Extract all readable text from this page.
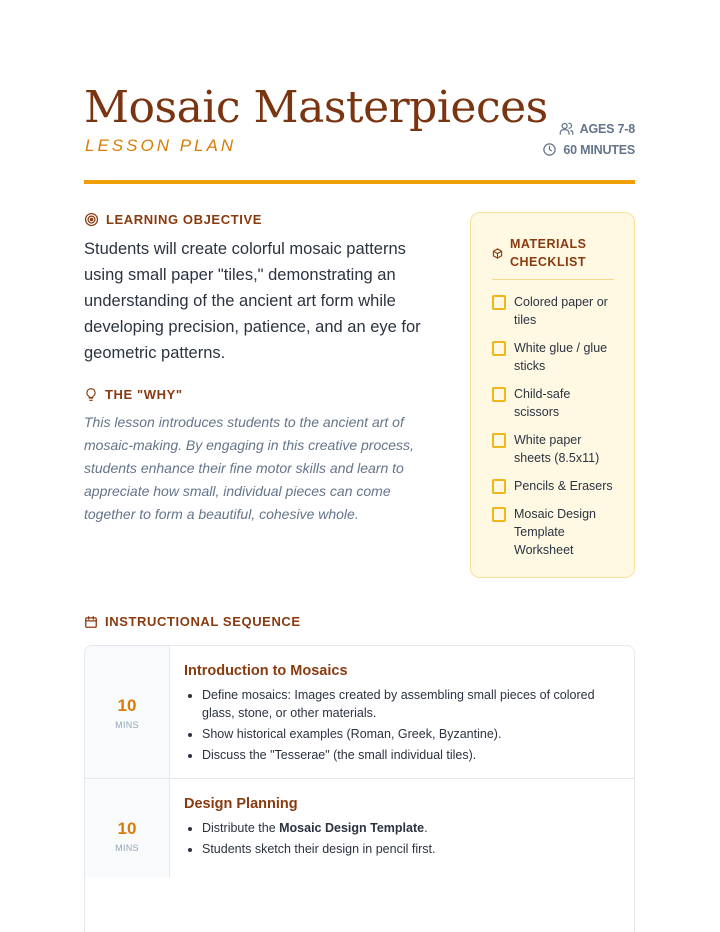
Mosaic Masterpieces
LESSON PLAN
AGES 7-8
60 MINUTES
LEARNING OBJECTIVE
Students will create colorful mosaic patterns using small paper "tiles," demonstrating an understanding of the ancient art form while developing precision, patience, and an eye for geometric patterns.
THE "WHY"
This lesson introduces students to the ancient art of mosaic-making. By engaging in this creative process, students enhance their fine motor skills and learn to appreciate how small, individual pieces can come together to form a beautiful, cohesive whole.
MATERIALS CHECKLIST
Colored paper or tiles
White glue / glue sticks
Child-safe scissors
White paper sheets (8.5x11)
Pencils & Erasers
Mosaic Design Template Worksheet
INSTRUCTIONAL SEQUENCE
10
MINS
Introduction to Mosaics
• Define mosaics: Images created by assembling small pieces of colored glass, stone, or other materials.
• Show historical examples (Roman, Greek, Byzantine).
• Discuss the "Tesserae" (the small individual tiles).
10
MINS
Design Planning
• Distribute the Mosaic Design Template.
• Students sketch their design in pencil first.
